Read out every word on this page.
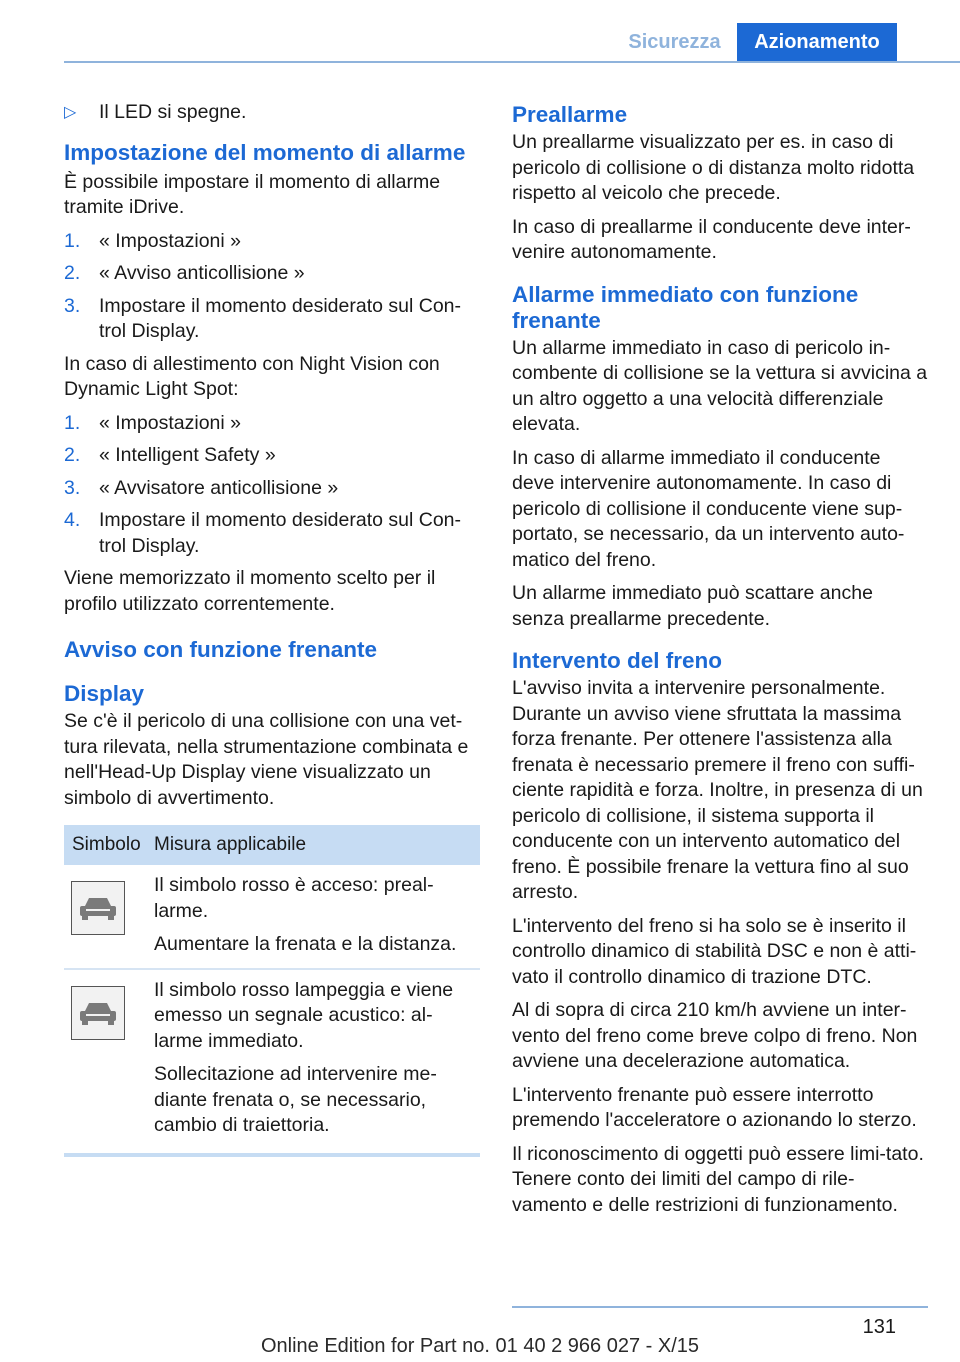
Sicurezza	Azionamento
▷ Il LED si spegne.
Impostazione del momento di allarme

È possibile impostare il momento di allarme tramite iDrive.

1. « Impostazioni »
2. « Avviso anticollisione »
3. Impostare il momento desiderato sul Con‐trol Display.

In caso di allestimento con Night Vision con Dynamic Light Spot:

1. « Impostazioni »
2. « Intelligent Safety »
3. « Avvisatore anticollisione »
4. Impostare il momento desiderato sul Con‐trol Display.

Viene memorizzato il momento scelto per il profilo utilizzato correntemente.

Avviso con funzione frenante
Display

Se c'è il pericolo di una collisione con una vet‐tura rilevata, nella strumentazione combinata e nell'Head-Up Display viene visualizzato un simbolo di avvertimento.

Simbolo Misura applicabile

Il simbolo rosso è acceso: preal‐larme.

Aumentare la frenata e la distanza.

Il simbolo rosso lampeggia e viene emesso un segnale acustico: al‐larme immediato.

Sollecitazione ad intervenire me‐diante frenata o, se necessario, cambio di traiettoria.

Preallarme

Un preallarme visualizzato per es. in caso di pericolo di collisione o di distanza molto ridotta rispetto al veicolo che precede.

In caso di preallarme il conducente deve inter‐venire autonomamente.

Allarme immediato con funzione frenante

Un allarme immediato in caso di pericolo in‐combente di collisione se la vettura si avvicina a un altro oggetto a una velocità differenziale elevata.

In caso di allarme immediato il conducente deve intervenire autonomamente. In caso di pericolo di collisione il conducente viene sup‐portato, se necessario, da un intervento auto‐matico del freno.

Un allarme immediato può scattare anche senza preallarme precedente.

Intervento del freno

L'avviso invita a intervenire personalmente. Durante un avviso viene sfruttata la massima forza frenante. Per ottenere l'assistenza alla frenata è necessario premere il freno con suffi‐ciente rapidità e forza. Inoltre, in presenza di un pericolo di collisione, il sistema supporta il conducente con un intervento automatico del freno. È possibile frenare la vettura fino al suo arresto.

L'intervento del freno si ha solo se è inserito il controllo dinamico di stabilità DSC e non è atti‐vato il controllo dinamico di trazione DTC.

Al di sopra di circa 210 km/h avviene un inter‐vento del freno come breve colpo di freno. Non avviene una decelerazione automatica.

L'intervento frenante può essere interrotto premendo l'acceleratore o azionando lo sterzo.

Il riconoscimento di oggetti può essere limi‐tato. Tenere conto dei limiti del campo di rile‐vamento e delle restrizioni di funzionamento.

131
Online Edition for Part no. 01 40 2 966 027 - X/15
